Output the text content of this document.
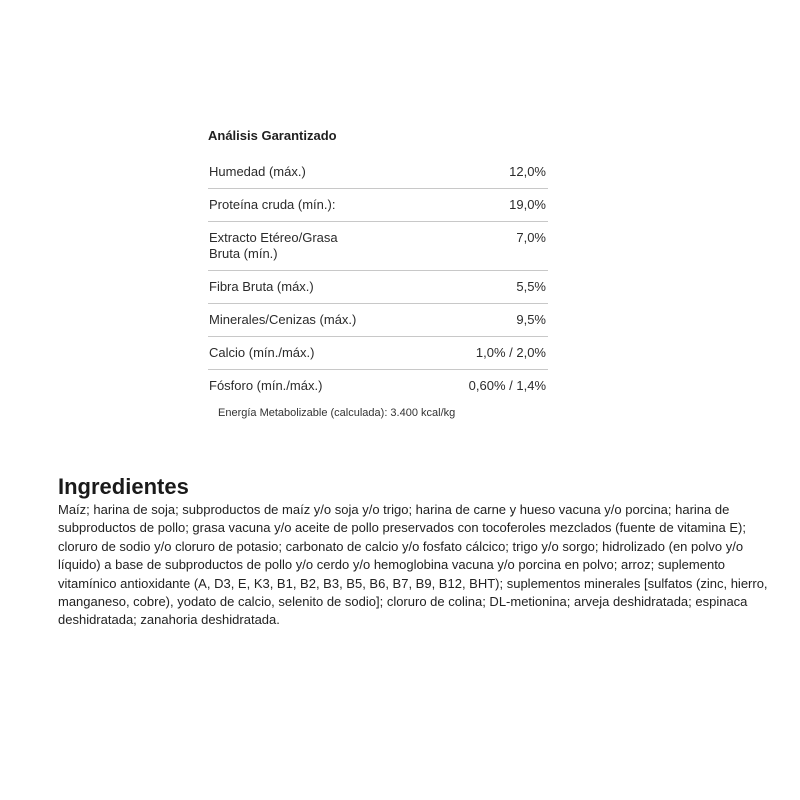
Análisis Garantizado
Humedad (máx.)	12,0%
Proteína cruda (mín.):	19,0%
Extracto Etéreo/Grasa Bruta (mín.)	7,0%
Fibra Bruta (máx.)	5,5%
Minerales/Cenizas (máx.)	9,5%
Calcio (mín./máx.)	1,0% / 2,0%
Fósforo (mín./máx.)	0,60% / 1,4%

Energía Metabolizable (calculada): 3.400 kcal/kg

Ingredientes

Maíz; harina de soja; subproductos de maíz y/o soja y/o trigo; harina de carne y hueso vacuna y/o porcina; harina de subproductos de pollo; grasa vacuna y/o aceite de pollo preservados con tocoferoles mezclados (fuente de vitamina E); cloruro de sodio y/o cloruro de potasio; carbonato de calcio y/o fosfato cálcico; trigo y/o sorgo; hidrolizado (en polvo y/o líquido) a base de subproductos de pollo y/o cerdo y/o hemoglobina vacuna y/o porcina en polvo; arroz; suplemento vitamínico antioxidante (A, D3, E, K3, B1, B2, B3, B5, B6, B7, B9, B12, BHT); suplementos minerales [sulfatos (zinc, hierro, manganeso, cobre), yodato de calcio, selenito de sodio]; cloruro de colina; DL-metionina; arveja deshidratada; espinaca deshidratada; zanahoria deshidratada.
